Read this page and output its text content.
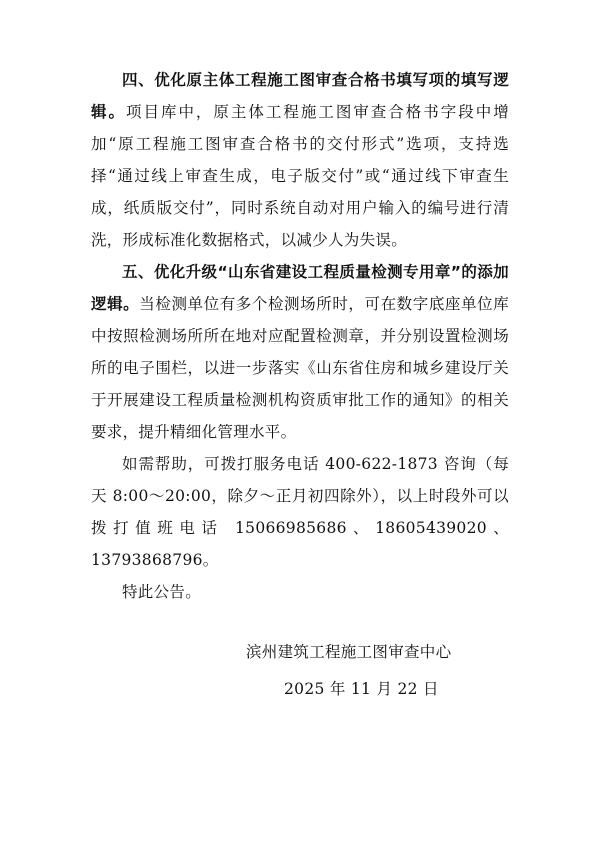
四、优化原主体工程施工图审查合格书填写项的填写逻辑。项目库中，原主体工程施工图审查合格书字段中增加“原工程施工图审查合格书的交付形式”选项，支持选择“通过线上审查生成，电子版交付”或“通过线下审查生成，纸质版交付”，同时系统自动对用户输入的编号进行清洗，形成标准化数据格式，以减少人为失误。

五、优化升级“山东省建设工程质量检测专用章”的添加逻辑。当检测单位有多个检测场所时，可在数字底座单位库中按照检测场所所在地对应配置检测章，并分别设置检测场所的电子围栏，以进一步落实《山东省住房和城乡建设厅关于开展建设工程质量检测机构资质审批工作的通知》的相关要求，提升精细化管理水平。

如需帮助，可拨打服务电话 400-622-1873 咨询（每天 8:00～20:00，除夕～正月初四除外），以上时段外可以拨打值班电话 15066985686、18605439020、13793868796。

特此公告。

滨州建筑工程施工图审查中心
2025 年 11 月 22 日
